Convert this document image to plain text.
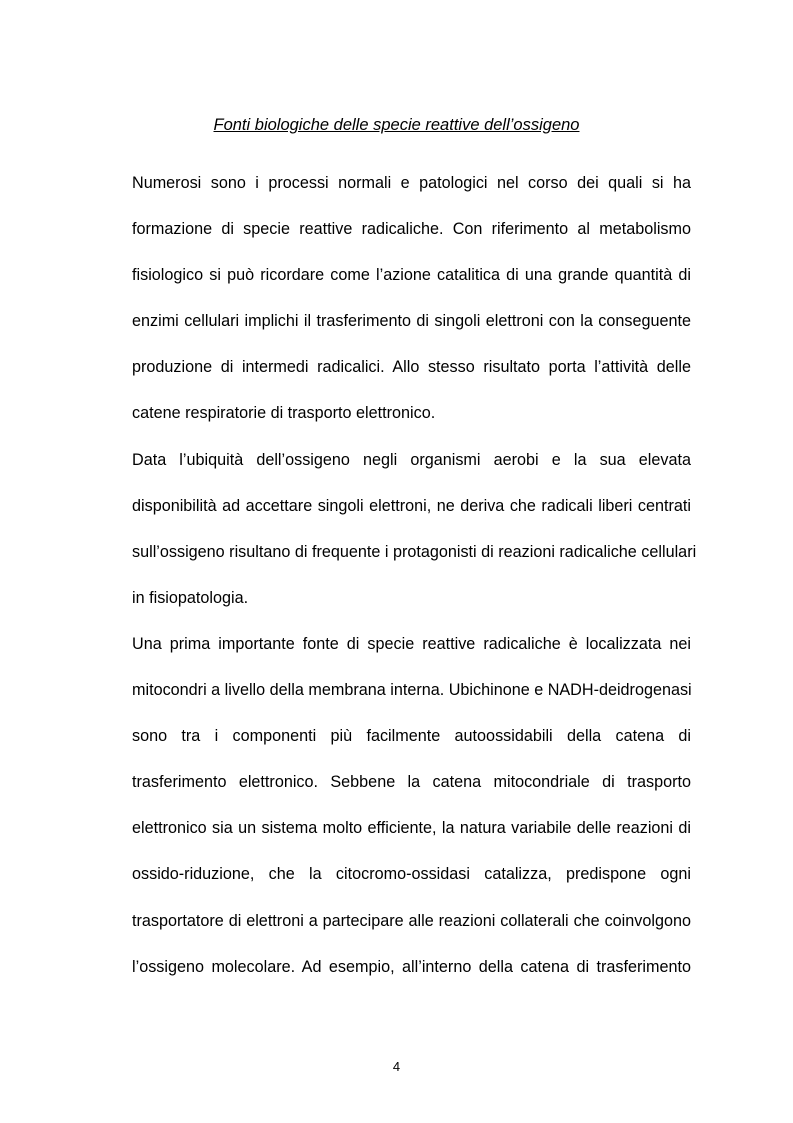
Fonti biologiche delle specie reattive dell’ossigeno
Numerosi sono i processi normali e patologici nel corso dei quali si ha
formazione di specie reattive radicaliche. Con riferimento al metabolismo
fisiologico si può ricordare come l’azione catalitica di una grande quantità di
enzimi cellulari implichi il trasferimento di singoli elettroni con la conseguente
produzione di intermedi radicalici. Allo stesso risultato porta l’attività delle
catene respiratorie di trasporto elettronico.
Data l’ubiquità dell’ossigeno negli organismi aerobi e la sua elevata
disponibilità ad accettare singoli elettroni, ne deriva che radicali liberi centrati
sull’ossigeno risultano di frequente i protagonisti di reazioni radicaliche cellulari
in fisiopatologia.
Una prima importante fonte di specie reattive radicaliche è localizzata nei
mitocondri a livello della membrana interna. Ubichinone e NADH-deidrogenasi
sono tra i componenti più facilmente autoossidabili della catena di
trasferimento elettronico. Sebbene la catena mitocondriale di trasporto
elettronico sia un sistema molto efficiente, la natura variabile delle reazioni di
ossido-riduzione, che la citocromo-ossidasi catalizza, predispone ogni
trasportatore di elettroni a partecipare alle reazioni collaterali che coinvolgono
l’ossigeno molecolare. Ad esempio, all’interno della catena di trasferimento
4
